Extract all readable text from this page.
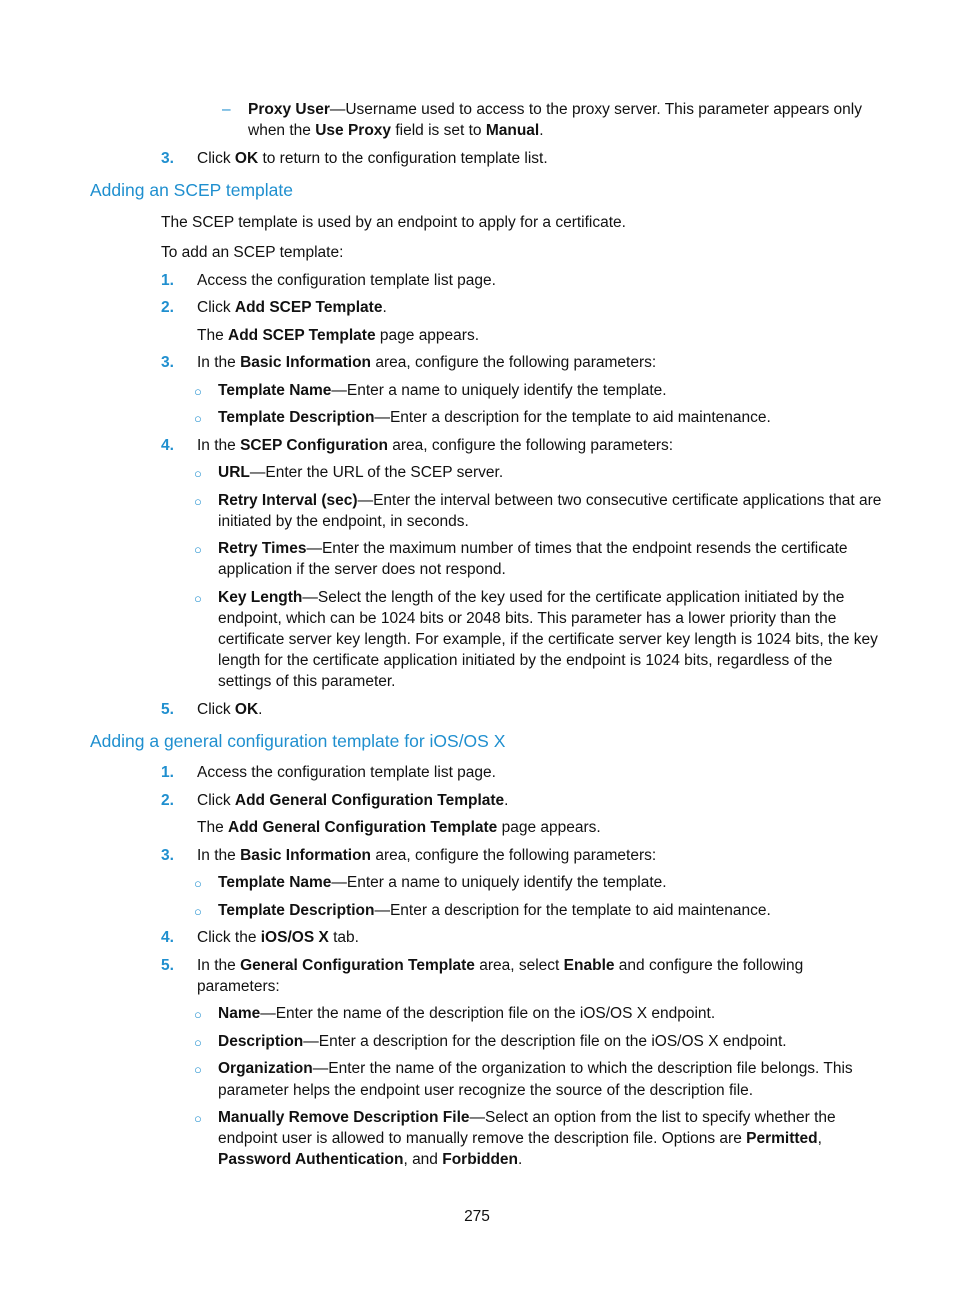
– Proxy User—Username used to access to the proxy server. This parameter appears only
when the Use Proxy field is set to Manual.
3. Click OK to return to the configuration template list.
Adding an SCEP template
The SCEP template is used by an endpoint to apply for a certificate.
To add an SCEP template:
1. Access the configuration template list page.
2. Click Add SCEP Template.
The Add SCEP Template page appears.
3. In the Basic Information area, configure the following parameters:
○ Template Name—Enter a name to uniquely identify the template.
○ Template Description—Enter a description for the template to aid maintenance.
4. In the SCEP Configuration area, configure the following parameters:
○ URL—Enter the URL of the SCEP server.
○ Retry Interval (sec)—Enter the interval between two consecutive certificate applications that are
initiated by the endpoint, in seconds.
○ Retry Times—Enter the maximum number of times that the endpoint resends the certificate
application if the server does not respond.
○ Key Length—Select the length of the key used for the certificate application initiated by the
endpoint, which can be 1024 bits or 2048 bits. This parameter has a lower priority than the
certificate server key length. For example, if the certificate server key length is 1024 bits, the key
length for the certificate application initiated by the endpoint is 1024 bits, regardless of the
settings of this parameter.
5. Click OK.
Adding a general configuration template for iOS/OS X
1. Access the configuration template list page.
2. Click Add General Configuration Template.
The Add General Configuration Template page appears.
3. In the Basic Information area, configure the following parameters:
○ Template Name—Enter a name to uniquely identify the template.
○ Template Description—Enter a description for the template to aid maintenance.
4. Click the iOS/OS X tab.
5. In the General Configuration Template area, select Enable and configure the following
parameters:
○ Name—Enter the name of the description file on the iOS/OS X endpoint.
○ Description—Enter a description for the description file on the iOS/OS X endpoint.
○ Organization—Enter the name of the organization to which the description file belongs. This
parameter helps the endpoint user recognize the source of the description file.
○ Manually Remove Description File—Select an option from the list to specify whether the
endpoint user is allowed to manually remove the description file. Options are Permitted,
Password Authentication, and Forbidden.
275
